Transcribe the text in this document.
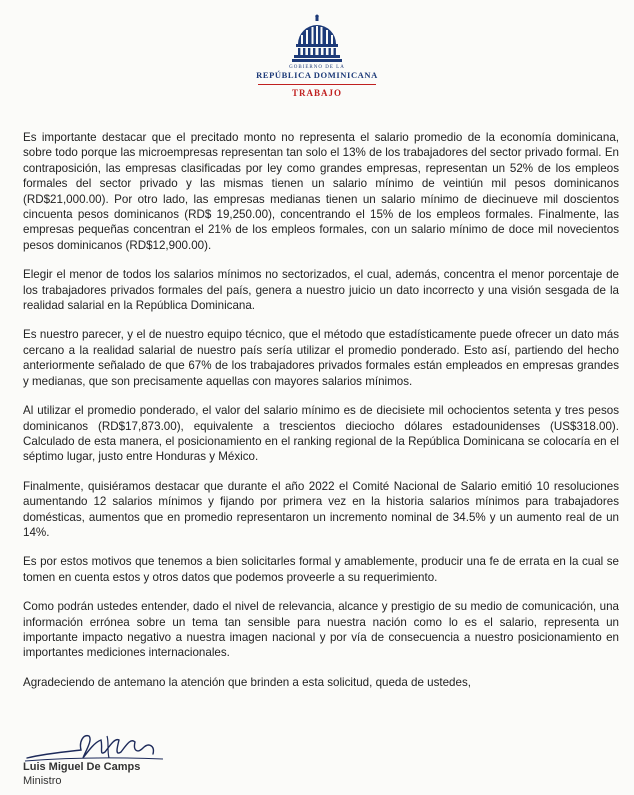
GOBIERNO DE LA
REPÚBLICA DOMINICANA
TRABAJO

Es importante destacar que el precitado monto no representa el salario promedio de la economía dominicana, sobre todo porque las microempresas representan tan solo el 13% de los trabajadores del sector privado formal. En contraposición, las empresas clasificadas por ley como grandes empresas, representan un 52% de los empleos formales del sector privado y las mismas tienen un salario mínimo de veintiún mil pesos dominicanos (RD$21,000.00). Por otro lado, las empresas medianas tienen un salario mínimo de diecinueve mil doscientos cincuenta pesos dominicanos (RD$ 19,250.00), concentrando el 15% de los empleos formales. Finalmente, las empresas pequeñas concentran el 21% de los empleos formales, con un salario mínimo de doce mil novecientos pesos dominicanos (RD$12,900.00).

Elegir el menor de todos los salarios mínimos no sectorizados, el cual, además, concentra el menor porcentaje de los trabajadores privados formales del país, genera a nuestro juicio un dato incorrecto y una visión sesgada de la realidad salarial en la República Dominicana.

Es nuestro parecer, y el de nuestro equipo técnico, que el método que estadísticamente puede ofrecer un dato más cercano a la realidad salarial de nuestro país sería utilizar el promedio ponderado. Esto así, partiendo del hecho anteriormente señalado de que 67% de los trabajadores privados formales están empleados en empresas grandes y medianas, que son precisamente aquellas con mayores salarios mínimos.

Al utilizar el promedio ponderado, el valor del salario mínimo es de diecisiete mil ochocientos setenta y tres pesos dominicanos (RD$17,873.00), equivalente a trescientos dieciocho dólares estadounidenses (US$318.00). Calculado de esta manera, el posicionamiento en el ranking regional de la República Dominicana se colocaría en el séptimo lugar, justo entre Honduras y México.

Finalmente, quisiéramos destacar que durante el año 2022 el Comité Nacional de Salario emitió 10 resoluciones aumentando 12 salarios mínimos y fijando por primera vez en la historia salarios mínimos para trabajadores domésticas, aumentos que en promedio representaron un incremento nominal de 34.5% y un aumento real de un 14%.

Es por estos motivos que tenemos a bien solicitarles formal y amablemente, producir una fe de errata en la cual se tomen en cuenta estos y otros datos que podemos proveerle a su requerimiento.

Como podrán ustedes entender, dado el nivel de relevancia, alcance y prestigio de su medio de comunicación, una información errónea sobre un tema tan sensible para nuestra nación como lo es el salario, representa un importante impacto negativo a nuestra imagen nacional y por vía de consecuencia a nuestro posicionamiento en importantes mediciones internacionales.

Agradeciendo de antemano la atención que brinden a esta solicitud, queda de ustedes,

Luis Miguel De Camps
Ministro
